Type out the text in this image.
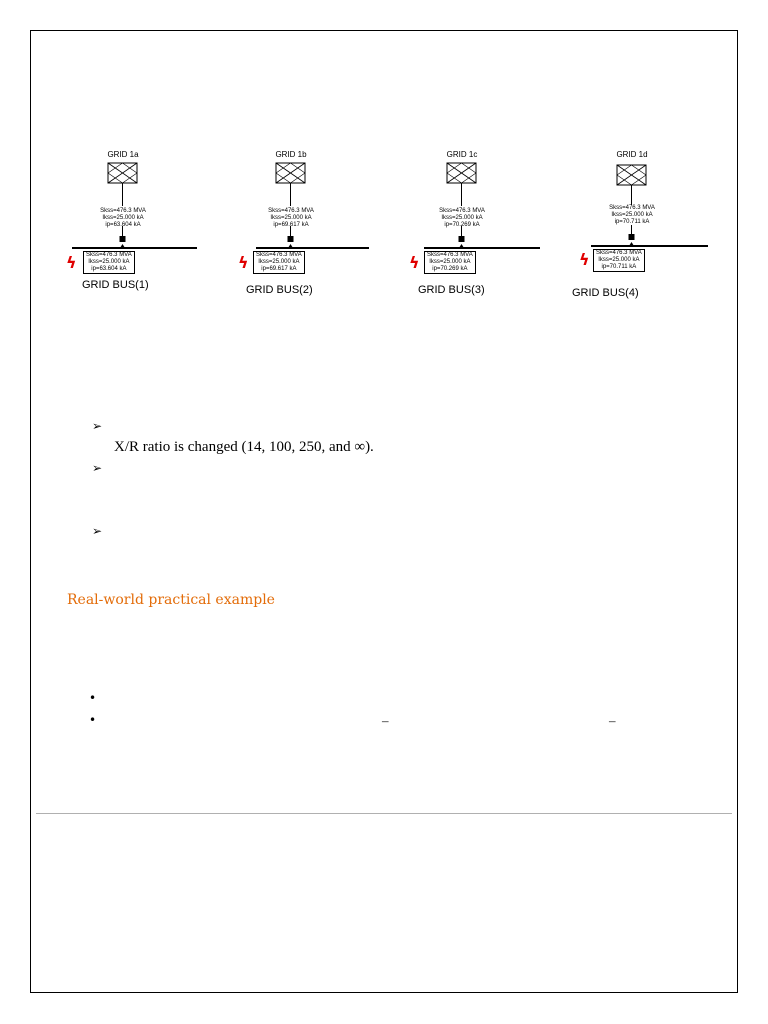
GRID 1a
Skss=476.3 MVA
Ikss=25.000 kA
ip=63.604 kA
Skss=476.3 MVA
Ikss=25.000 kA
ip=63.604 kA
ϟ
GRID BUS(1)
GRID 1b
Skss=476.3 MVA
Ikss=25.000 kA
ip=69.617 kA
Skss=476.3 MVA
Ikss=25.000 kA
ip=69.617 kA
ϟ
GRID BUS(2)
GRID 1c
Skss=476.3 MVA
Ikss=25.000 kA
ip=70.269 kA
Skss=476.3 MVA
Ikss=25.000 kA
ip=70.269 kA
ϟ
GRID BUS(3)
GRID 1d
Skss=476.3 MVA
Ikss=25.000 kA
ip=70.711 kA
Skss=476.3 MVA
Ikss=25.000 kA
ip=70.711 kA
ϟ
GRID BUS(4)
➢
X/R ratio is changed (14, 100, 250, and ∞).
➢
➢
Real-world practical example
•
•	–	–
